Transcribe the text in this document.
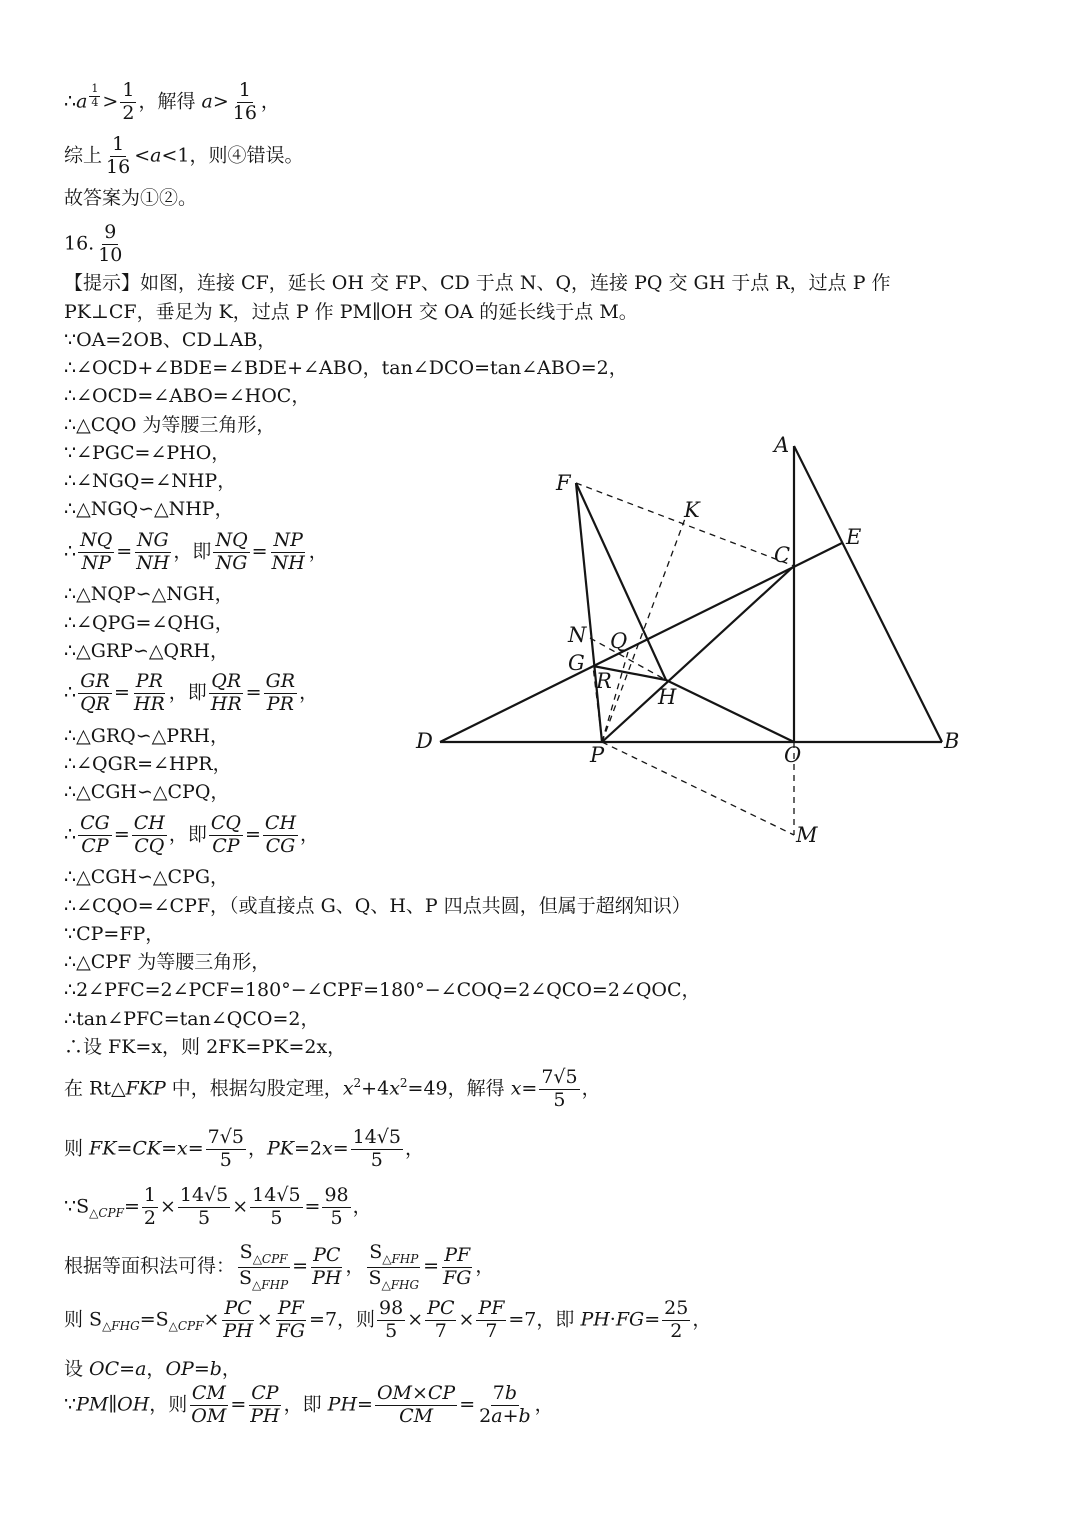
∴a $^{\frac{1}{4}} > \frac{1}{2}$ ，解得 $a> \frac{1}{16}$ ，
综上 $\frac{1}{16} <a<1$，则④错误。
故答案为①②。
16. $\frac{9}{10}$
【提示】如图，连接 CF，延长 OH 交 FP、CD 于点 N、Q，连接 PQ 交 GH 于点 R，过点 P 作
PK⊥CF，垂足为 K，过点 P 作 PM∥OH 交 OA 的延长线于点 M。
∵OA=2OB、CD⊥AB，
∴∠OCD+∠BDE=∠BDE+∠ABO，tan∠DCO=tan∠ABO=2，
∴∠OCD=∠ABO=∠HOC，
∴△CQO 为等腰三角形，
∵∠PGC=∠PHO，
∴∠NGQ=∠NHP，
∴△NGQ∽△NHP，
∴ $\frac{NQ}{NP} = \frac{NG}{NH}$ ，即 $\frac{NQ}{NG} = \frac{NP}{NH}$ ，
∴△NQP∽△NGH，
∴∠QPG=∠QHG，
∴△GRP∽△QRH，
∴ $\frac{GR}{QR} = \frac{PR}{HR}$ ，即 $\frac{QR}{HR} = \frac{GR}{PR}$ ，
∴△GRQ∽△PRH，
∴∠QGR=∠HPR，
∴△CGH∽△CPQ，
∴ $\frac{CG}{CP} = \frac{CH}{CQ}$ ，即 $\frac{CQ}{CP} = \frac{CH}{CG}$ ，
∴△CGH∽△CPG，
∴∠CQO=∠CPF，（或直接点 G、Q、H、P 四点共圆，但属于超纲知识）
∵CP=FP，
∴△CPF 为等腰三角形，
∴2∠PFC=2∠PCF=180°−∠CPF=180°−∠COQ=2∠QCO=2∠QOC，
∴tan∠PFC=tan∠QCO=2，
∴设 FK=x，则 2FK=PK=2x，
在 Rt△FKP 中，根据勾股定理，$x^2+4x^2=49$，解得 $x= \frac{7√5}{5}$ ，
则 $FK=CK=x= \frac{7√5}{5}$ ，$PK=2x= \frac{14√5}{5}$ ，
$\because S_{\triangle CPF}= \frac{1}{2} \times \frac{14√5}{5} \times \frac{14√5}{5} = \frac{98}{5}$ ，
根据等面积法可得： $\frac{S_{\triangle CPF}}{S_{\triangle FHP}} = \frac{PC}{PH}$ ， $\frac{S_{\triangle FHP}}{S_{\triangle FHG}} = \frac{PF}{FG}$ ，
则 $S_{\triangle FHG}=S_{\triangle CPF}\times \frac{PC}{PH} \times \frac{PF}{FG} =7$，则 $\frac{98}{5} \times \frac{PC}{7} \times \frac{PF}{7} =7$，即 $PH\cdot FG= \frac{25}{2}$ ，
设 OC=a，OP=b，
∵PM∥OH，则 $\frac{CM}{OM} = \frac{CP}{PH}$ ，即 $PH= \frac{OM\times CP}{CM} = \frac{7b}{2a+b}$ ，
A
B
C
D
E
F
G
H
K
M
N
O
P
Q
R
